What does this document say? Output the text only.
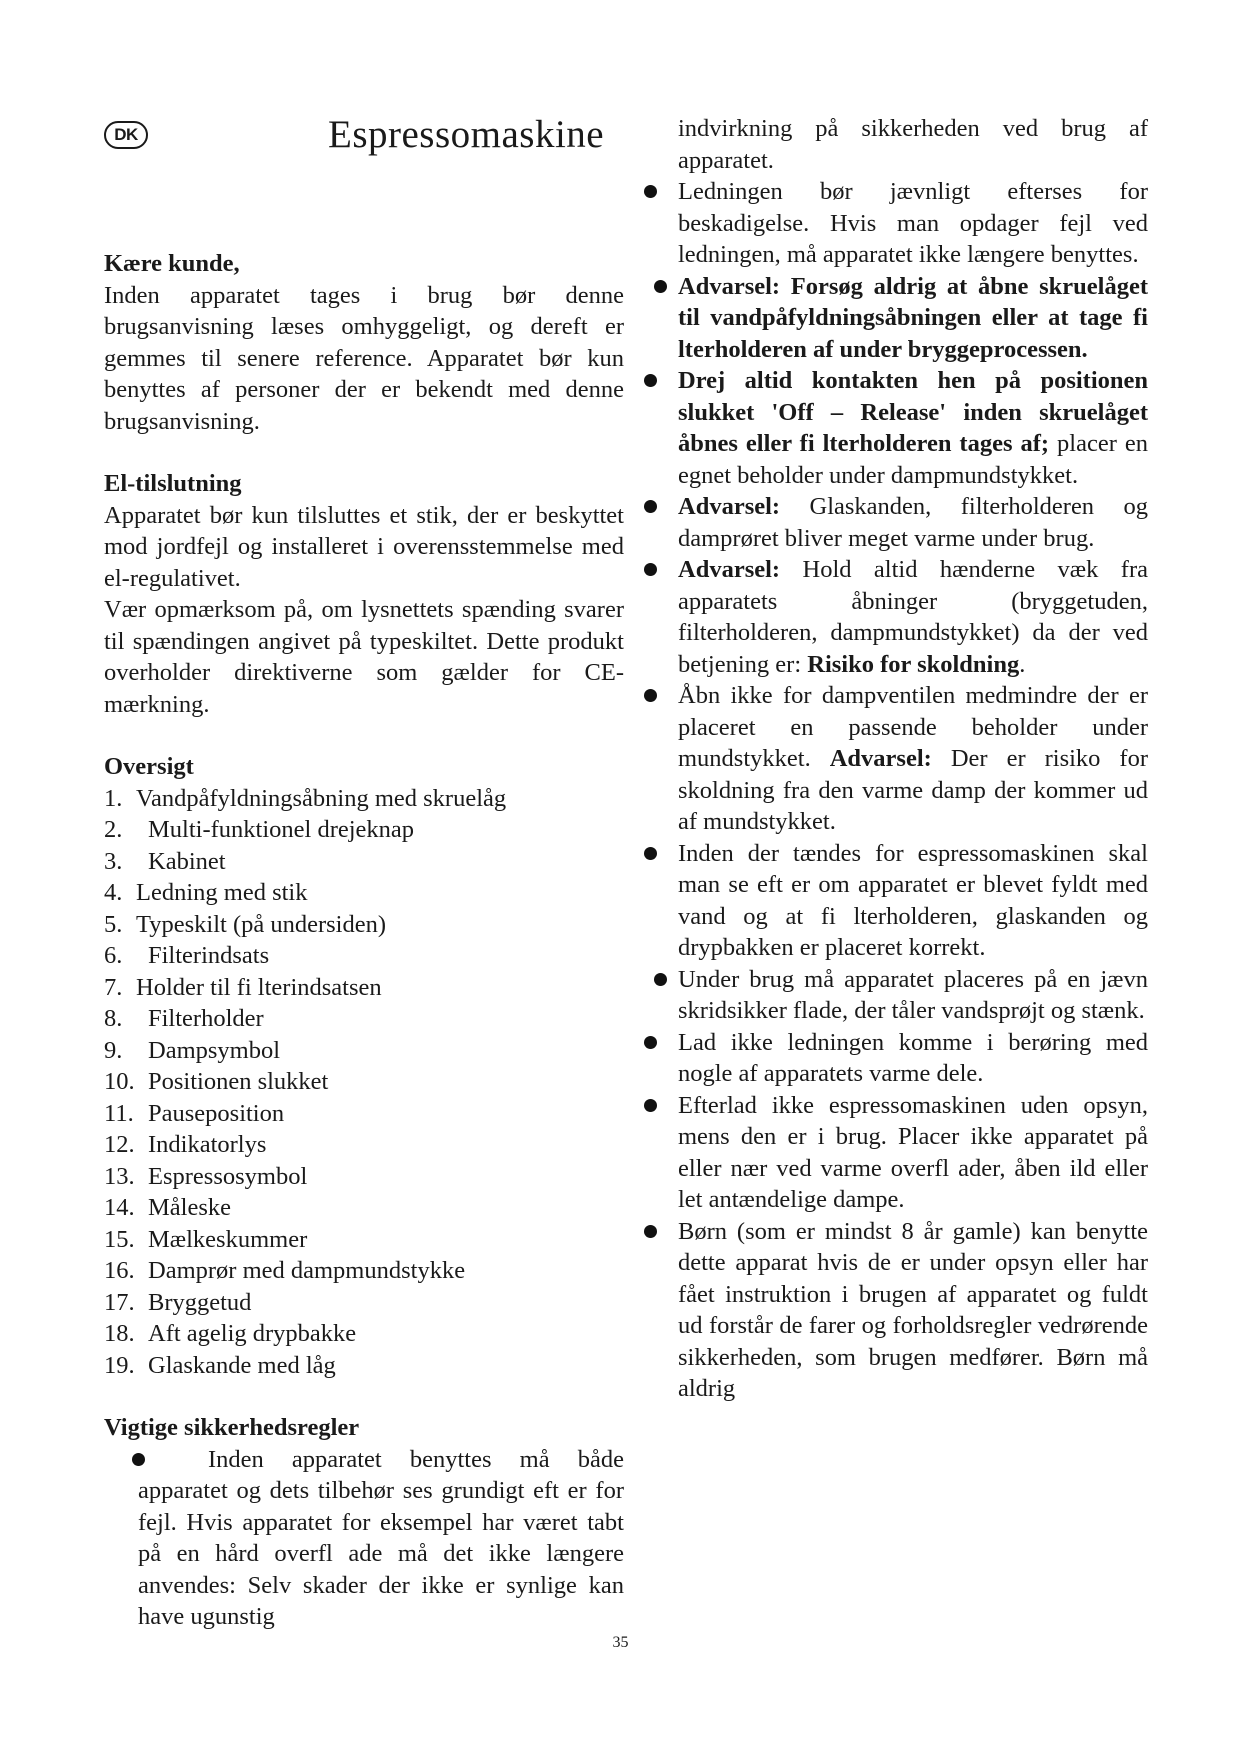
DK	Espressomaskine

Kære kunde,

Inden apparatet tages i brug bør denne brugsanvisning læses omhyggeligt, og dereft er gemmes til senere reference. Apparatet bør kun benyttes af personer der er bekendt med denne brugsanvisning.

El-tilslutning

Apparatet bør kun tilsluttes et stik, der er beskyttet mod jordfejl og installeret i overensstemmelse med el-regulativet.

Vær opmærksom på, om lysnettets spænding svarer til spændingen angivet på typeskiltet. Dette produkt overholder direktiverne som gælder for CE-mærkning.

Oversigt

1. Vandpåfyldningsåbning med skruelåg
2.	Multi-funktionel drejeknap
3.	Kabinet
4. Ledning med stik
5. Typeskilt (på undersiden)
6.	Filterindsats
7. Holder til fi lterindsatsen
8.	Filterholder
9.	Dampsymbol
10. Positionen slukket
11. Pauseposition
12. Indikatorlys
13. Espressosymbol
14. Måleske
15. Mælkeskummer
16. Damprør med dampmundstykke
17. Bryggetud
18. Aft agelig drypbakke
19. Glaskande med låg

Vigtige sikkerhedsregler

Inden apparatet benyttes må både apparatet og dets tilbehør ses grundigt eft er for fejl. Hvis apparatet for eksempel har været tabt på en hård overfl ade må det ikke længere anvendes: Selv skader der ikke er synlige kan have ugunstig

indvirkning på sikkerheden ved brug af apparatet.

Ledningen bør jævnligt efterses for beskadigelse. Hvis man opdager fejl ved ledningen, må apparatet ikke længere benyttes.
Advarsel: Forsøg aldrig at åbne skruelåget til vandpåfyldningsåbningen eller at tage fi lterholderen af under bryggeprocessen.
Drej altid kontakten hen på positionen slukket 'Off – Release' inden skruelåget åbnes eller fi lterholderen tages af; placer en egnet beholder under dampmundstykket.
Advarsel: Glaskanden, filterholderen og damprøret bliver meget varme under brug.
Advarsel: Hold altid hænderne væk fra apparatets åbninger (bryggetuden, filterholderen, dampmundstykket) da der ved betjening er: Risiko for skoldning.
Åbn ikke for dampventilen medmindre der er placeret en passende beholder under mundstykket. Advarsel: Der er risiko for skoldning fra den varme damp der kommer ud af mundstykket.
Inden der tændes for espressomaskinen skal man se eft er om apparatet er blevet fyldt med vand og at fi lterholderen, glaskanden og drypbakken er placeret korrekt.
Under brug må apparatet placeres på en jævn skridsikker flade, der tåler vandsprøjt og stænk.
Lad ikke ledningen komme i berøring med nogle af apparatets varme dele.
Efterlad ikke espressomaskinen uden opsyn, mens den er i brug. Placer ikke apparatet på eller nær ved varme overfl ader, åben ild eller let antændelige dampe.
Børn (som er mindst 8 år gamle) kan benytte dette apparat hvis de er under opsyn eller har fået instruktion i brugen af apparatet og fuldt ud forstår de farer og forholdsregler vedrørende sikkerheden, som brugen medfører. Børn må aldrig
35
